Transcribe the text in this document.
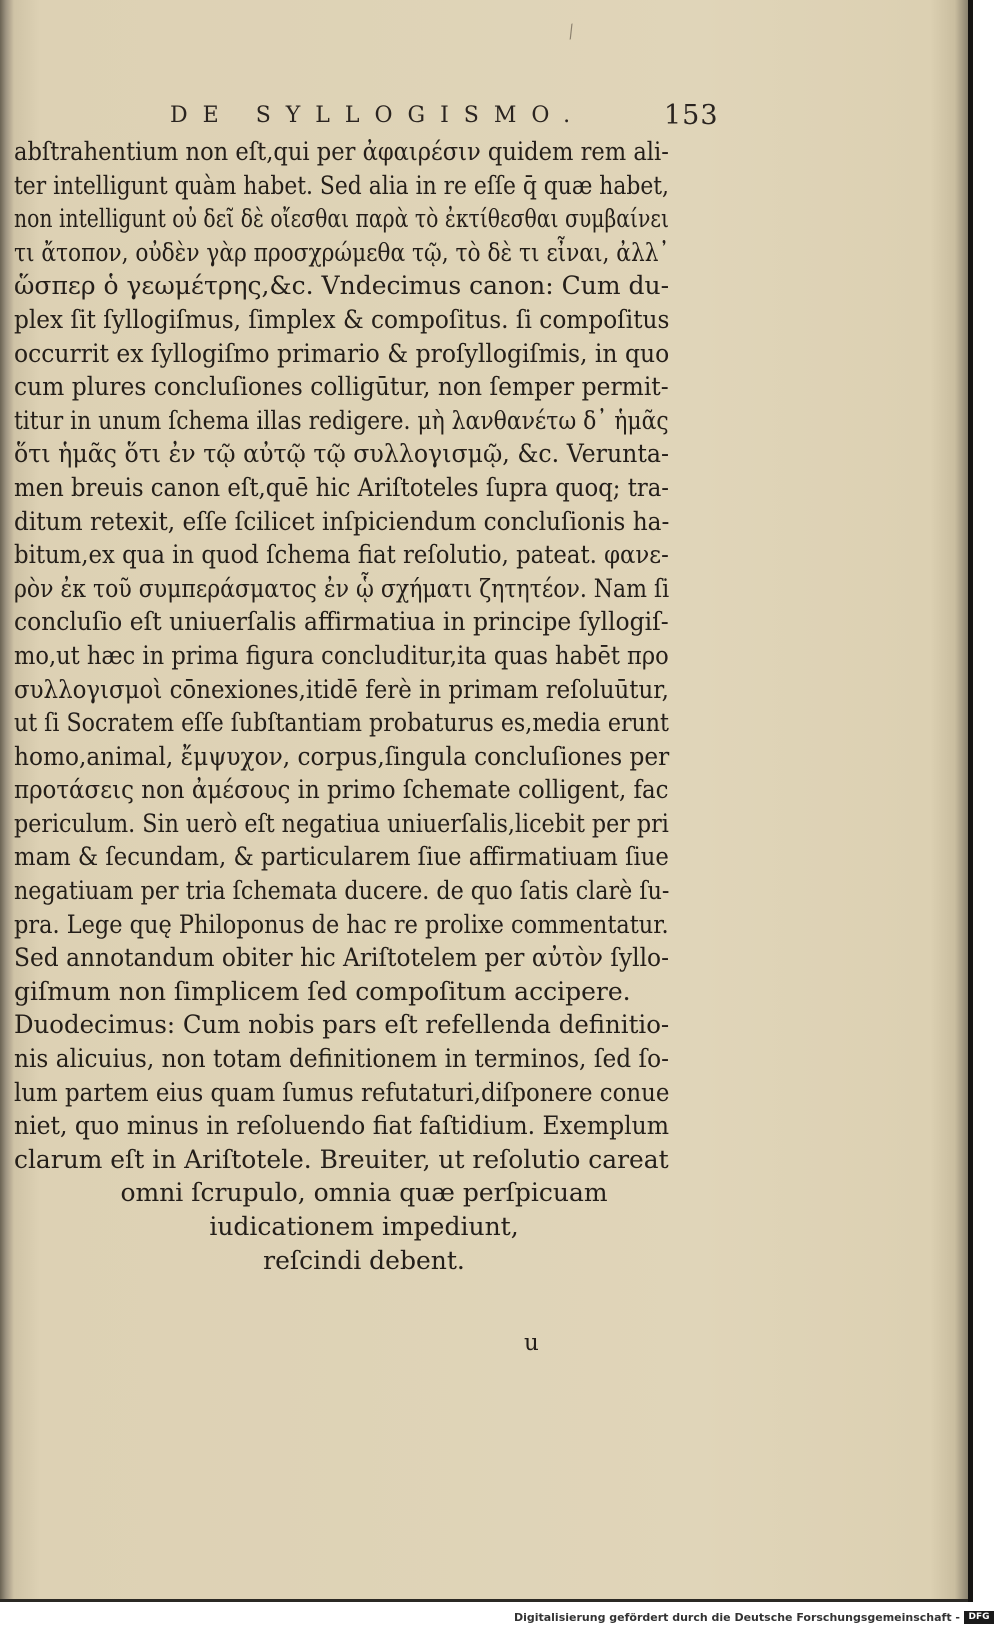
⁄
DE SYLLOGISMO.	153
abſtrahentium non eſt,qui per ἀφαιρέσιν quidem rem ali-
ter intelligunt quàm habet. Sed alia in re eſſe q̄ quæ habet,
non intelligunt οὐ δεῖ δὲ οἴεσθαι παρὰ τὸ ἐκτίθεσθαι συμβαίνει
τι ἄτοπον, οὐδὲν γὰρ προσχρώμεθα τῷ, τὸ δὲ τι εἶναι, ἀλλ᾿
ὥσπερ ὁ γεωμέτρης,&c. Vndecimus canon: Cum du-
plex ſit ſyllogiſmus, ſimplex & compoſitus. ſi compoſitus
occurrit ex ſyllogiſmo primario & proſyllogiſmis, in quo
cum plures concluſiones colligūtur, non ſemper permit-
titur in unum ſchema illas redigere. μὴ λανθανέτω δ᾿ ἡμᾶς
ὅτι ἡμᾶς ὅτι ἐν τῷ αὐτῷ τῷ συλλογισμῷ, &c. Verunta-
men breuis canon eſt,quē hic Ariſtoteles ſupra quoq; tra-
ditum retexit, eſſe ſcilicet inſpiciendum concluſionis ha-
bitum,ex qua in quod ſchema fiat reſolutio, pateat. φανε-
ρὸν ἐκ τοῦ συμπεράσματος ἐν ᾧ σχήματι ζητητέον. Nam ſi
concluſio eſt uniuerſalis affirmatiua in principe ſyllogiſ-
mo,ut hæc in prima figura concluditur,ita quas habēt προ
συλλογισμοὶ cōnexiones,itidē ferè in primam reſoluūtur,
ut ſi Socratem eſſe ſubſtantiam probaturus es,media erunt
homo,animal, ἔμψυχον, corpus,ſingula concluſiones per
προτάσεις non ἀμέσους in primo ſchemate colligent, fac
periculum. Sin uerò eſt negatiua uniuerſalis,licebit per pri
mam & ſecundam, & particularem ſiue affirmatiuam ſiue
negatiuam per tria ſchemata ducere. de quo ſatis clarè ſu-
pra. Lege quę Philoponus de hac re prolixe commentatur.
Sed annotandum obiter hic Ariſtotelem per αὐτὸν ſyllo-
giſmum non ſimplicem ſed compoſitum accipere.
Duodecimus: Cum nobis pars eſt refellenda definitio-
nis alicuius, non totam definitionem in terminos, ſed ſo-
lum partem eius quam ſumus refutaturi,diſponere conue
niet, quo minus in reſoluendo fiat faſtidium. Exemplum
clarum eſt in Ariſtotele. Breuiter, ut reſolutio careat
omni ſcrupulo, omnia quæ perſpicuam
iudicationem impediunt,
reſcindi debent.
u
Digitalisierung gefördert durch die Deutsche Forschungsgemeinschaft - DFG
